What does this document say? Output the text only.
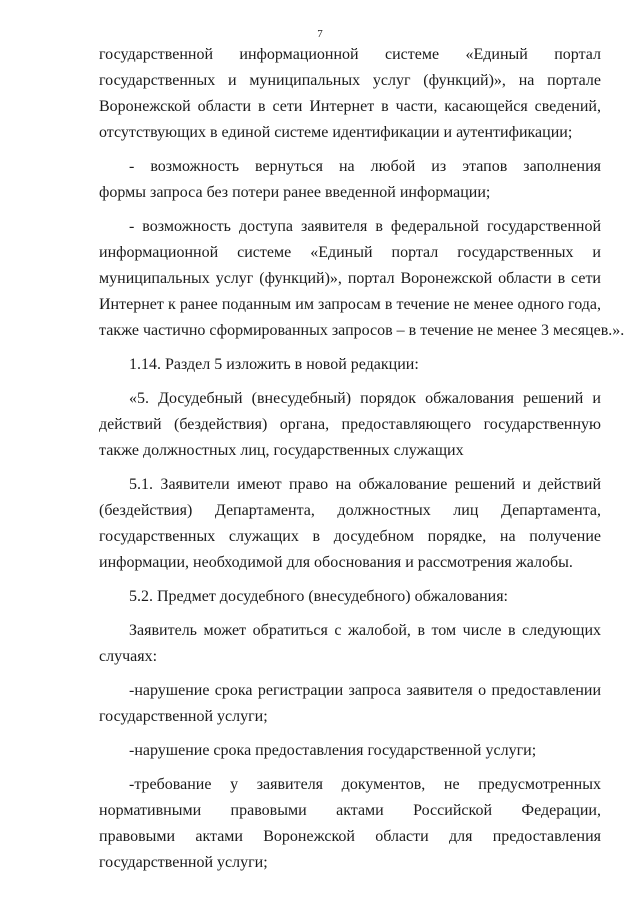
7
государственной информационной системе «Единый портал
государственных и муниципальных услуг (функций)», на портале
Воронежской области в сети Интернет в части, касающейся сведений,
отсутствующих в единой системе идентификации и аутентификации;
- возможность вернуться на любой из этапов заполнения
формы запроса без потери ранее введенной информации;
- возможность доступа заявителя в федеральной государственной
информационной системе «Единый портал государственных и
муниципальных услуг (функций)», портал Воронежской области в сети
Интернет к ранее поданным им запросам в течение не менее одного года,
также частично сформированных запросов – в течение не менее 3 месяцев.».
1.14. Раздел 5 изложить в новой редакции:
«5. Досудебный (внесудебный) порядок обжалования решений и
действий (бездействия) органа, предоставляющего государственную
также должностных лиц, государственных служащих
5.1. Заявители имеют право на обжалование решений и действий
(бездействия) Департамента, должностных лиц Департамента,
государственных служащих в досудебном порядке, на получение
информации, необходимой для обоснования и рассмотрения жалобы.
5.2. Предмет досудебного (внесудебного) обжалования:
Заявитель может обратиться с жалобой, в том числе в следующих
случаях:
-нарушение срока регистрации запроса заявителя о предоставлении
государственной услуги;
-нарушение срока предоставления государственной услуги;
-требование у заявителя документов, не предусмотренных
нормативными правовыми актами Российской Федерации,
правовыми актами Воронежской области для предоставления
государственной услуги;
